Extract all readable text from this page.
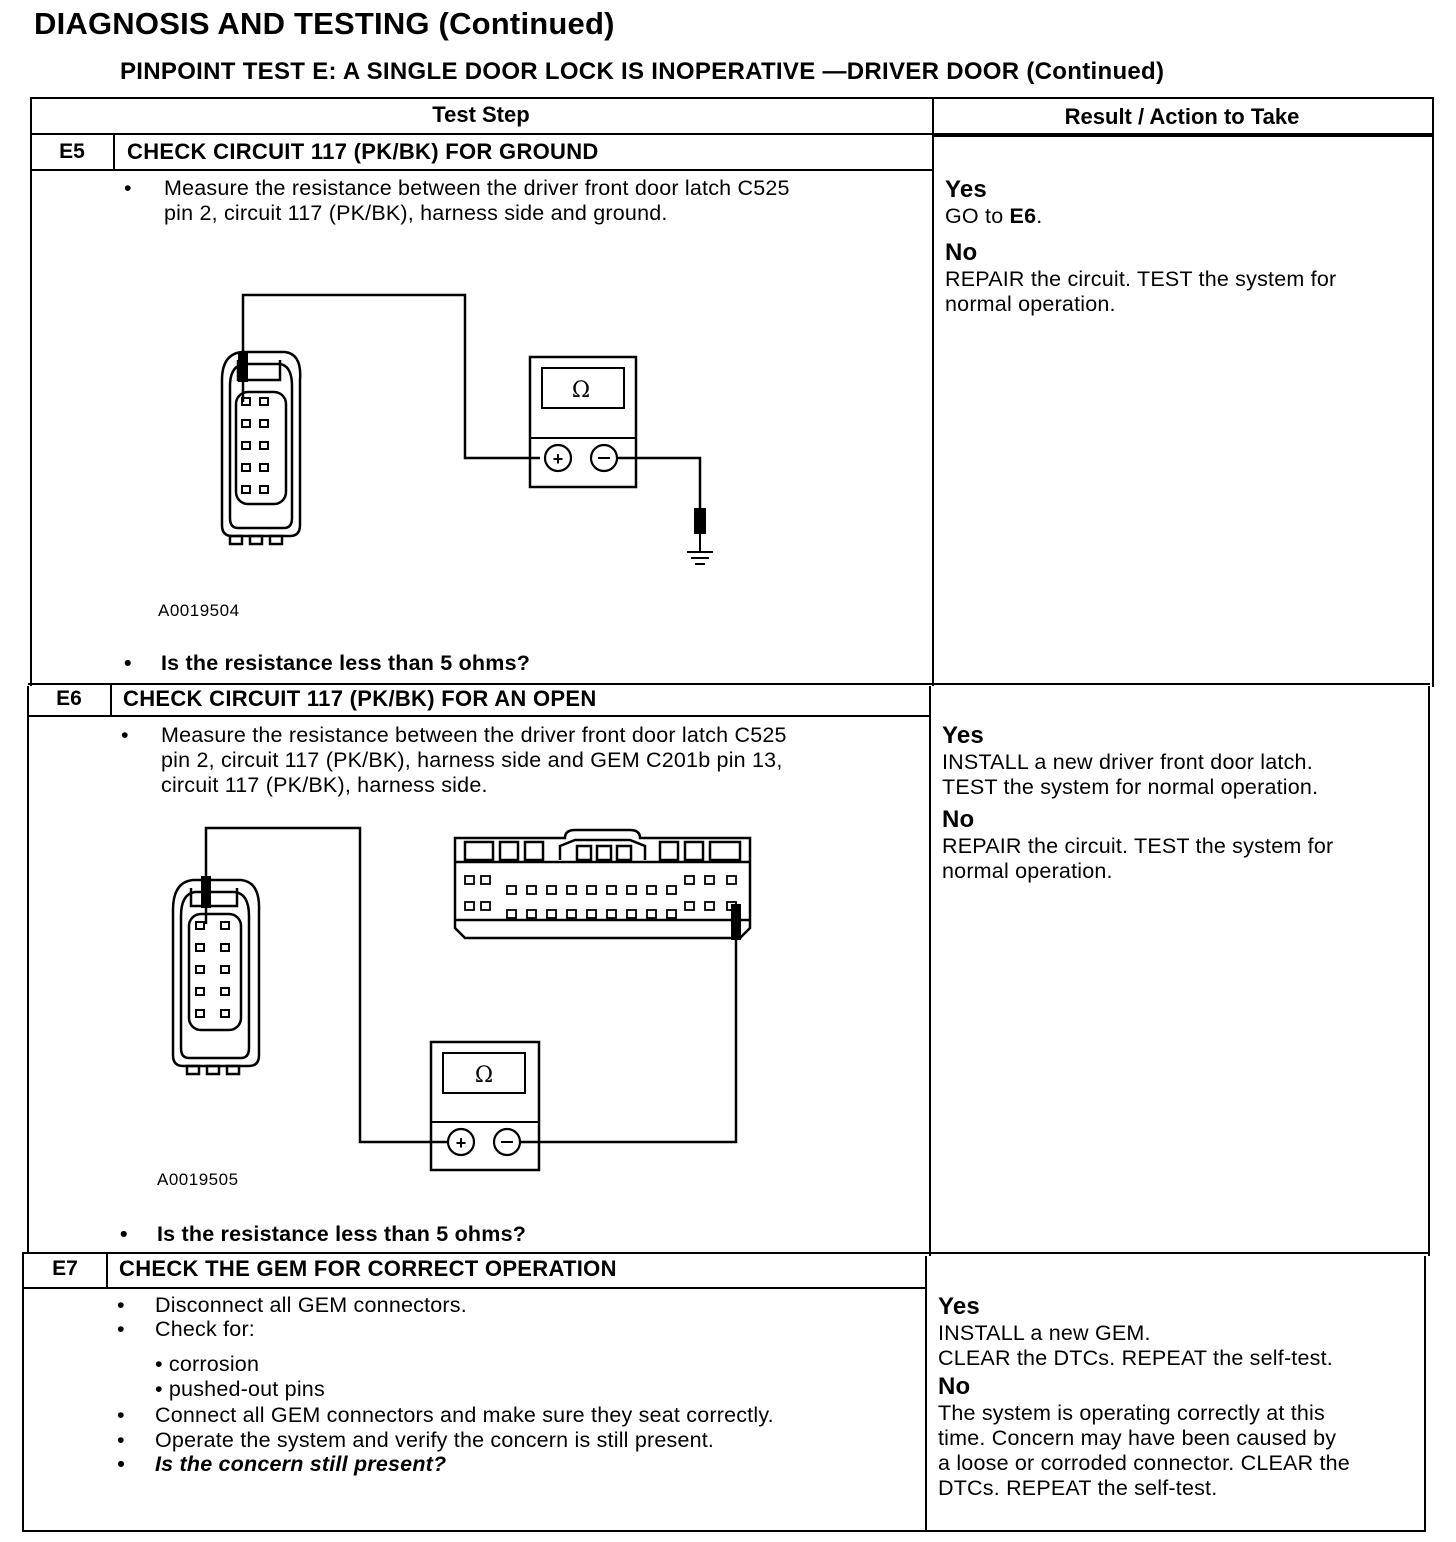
DIAGNOSIS AND TESTING (Continued)
PINPOINT TEST E: A SINGLE DOOR LOCK IS INOPERATIVE —DRIVER DOOR (Continued)
Test Step	Result / Action to Take
E5	CHECK CIRCUIT 117 (PK/BK) FOR GROUND
•	Measure the resistance between the driver front door latch C525
pin 2, circuit 117 (PK/BK), harness side and ground.
Ω
+
A0019504
•	Is the resistance less than 5 ohms?
Yes
GO to E6.
No
REPAIR the circuit. TEST the system for
normal operation.
E6	CHECK CIRCUIT 117 (PK/BK) FOR AN OPEN
•	Measure the resistance between the driver front door latch C525
pin 2, circuit 117 (PK/BK), harness side and GEM C201b pin 13,
circuit 117 (PK/BK), harness side.
Ω
+
A0019505
•	Is the resistance less than 5 ohms?
Yes
INSTALL a new driver front door latch.
TEST the system for normal operation.
No
REPAIR the circuit. TEST the system for
normal operation.
E7	CHECK THE GEM FOR CORRECT OPERATION
•	Disconnect all GEM connectors.
•	Check for:
• corrosion
• pushed-out pins
•	Connect all GEM connectors and make sure they seat correctly.
•	Operate the system and verify the concern is still present.
•	Is the concern still present?
Yes
INSTALL a new GEM.
CLEAR the DTCs. REPEAT the self-test.
No
The system is operating correctly at this
time. Concern may have been caused by
a loose or corroded connector. CLEAR the
DTCs. REPEAT the self-test.
